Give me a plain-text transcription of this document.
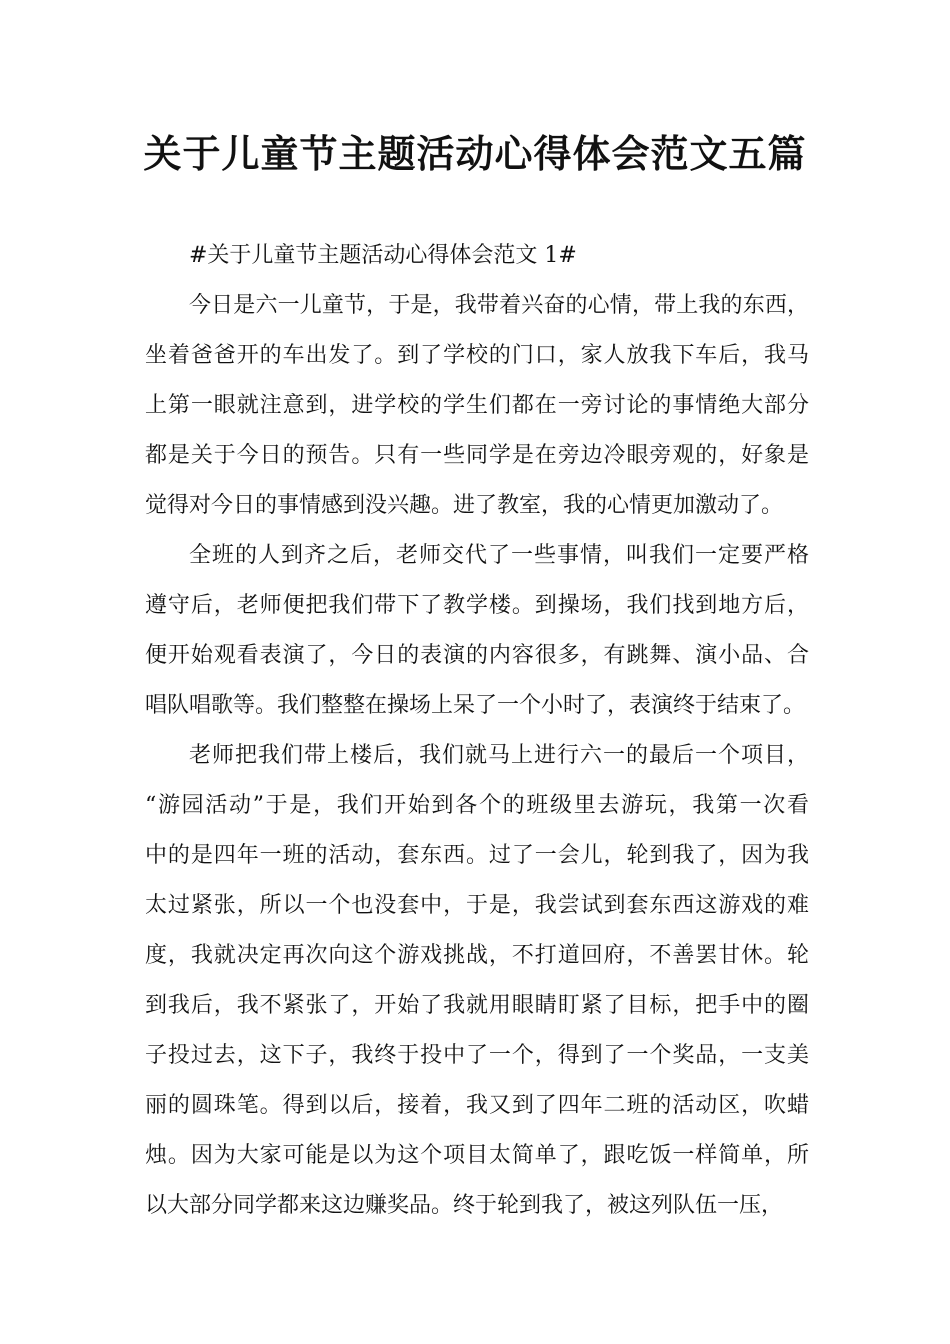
关于儿童节主题活动心得体会范文五篇
#关于儿童节主题活动心得体会范文 1#
今日是六一儿童节，于是，我带着兴奋的心情，带上我的东西，
坐着爸爸开的车出发了。到了学校的门口，家人放我下车后，我马
上第一眼就注意到，进学校的学生们都在一旁讨论的事情绝大部分
都是关于今日的预告。只有一些同学是在旁边冷眼旁观的，好象是
觉得对今日的事情感到没兴趣。进了教室，我的心情更加激动了。
全班的人到齐之后，老师交代了一些事情，叫我们一定要严格
遵守后，老师便把我们带下了教学楼。到操场，我们找到地方后，
便开始观看表演了，今日的表演的内容很多，有跳舞、演小品、合
唱队唱歌等。我们整整在操场上呆了一个小时了，表演终于结束了。
老师把我们带上楼后，我们就马上进行六一的最后一个项目，
“游园活动”于是，我们开始到各个的班级里去游玩，我第一次看
中的是四年一班的活动，套东西。过了一会儿，轮到我了，因为我
太过紧张，所以一个也没套中，于是，我尝试到套东西这游戏的难
度，我就决定再次向这个游戏挑战，不打道回府，不善罢甘休。轮
到我后，我不紧张了，开始了我就用眼睛盯紧了目标，把手中的圈
子投过去，这下子，我终于投中了一个，得到了一个奖品，一支美
丽的圆珠笔。得到以后，接着，我又到了四年二班的活动区，吹蜡
烛。因为大家可能是以为这个项目太简单了，跟吃饭一样简单，所
以大部分同学都来这边赚奖品。终于轮到我了，被这列队伍一压，
